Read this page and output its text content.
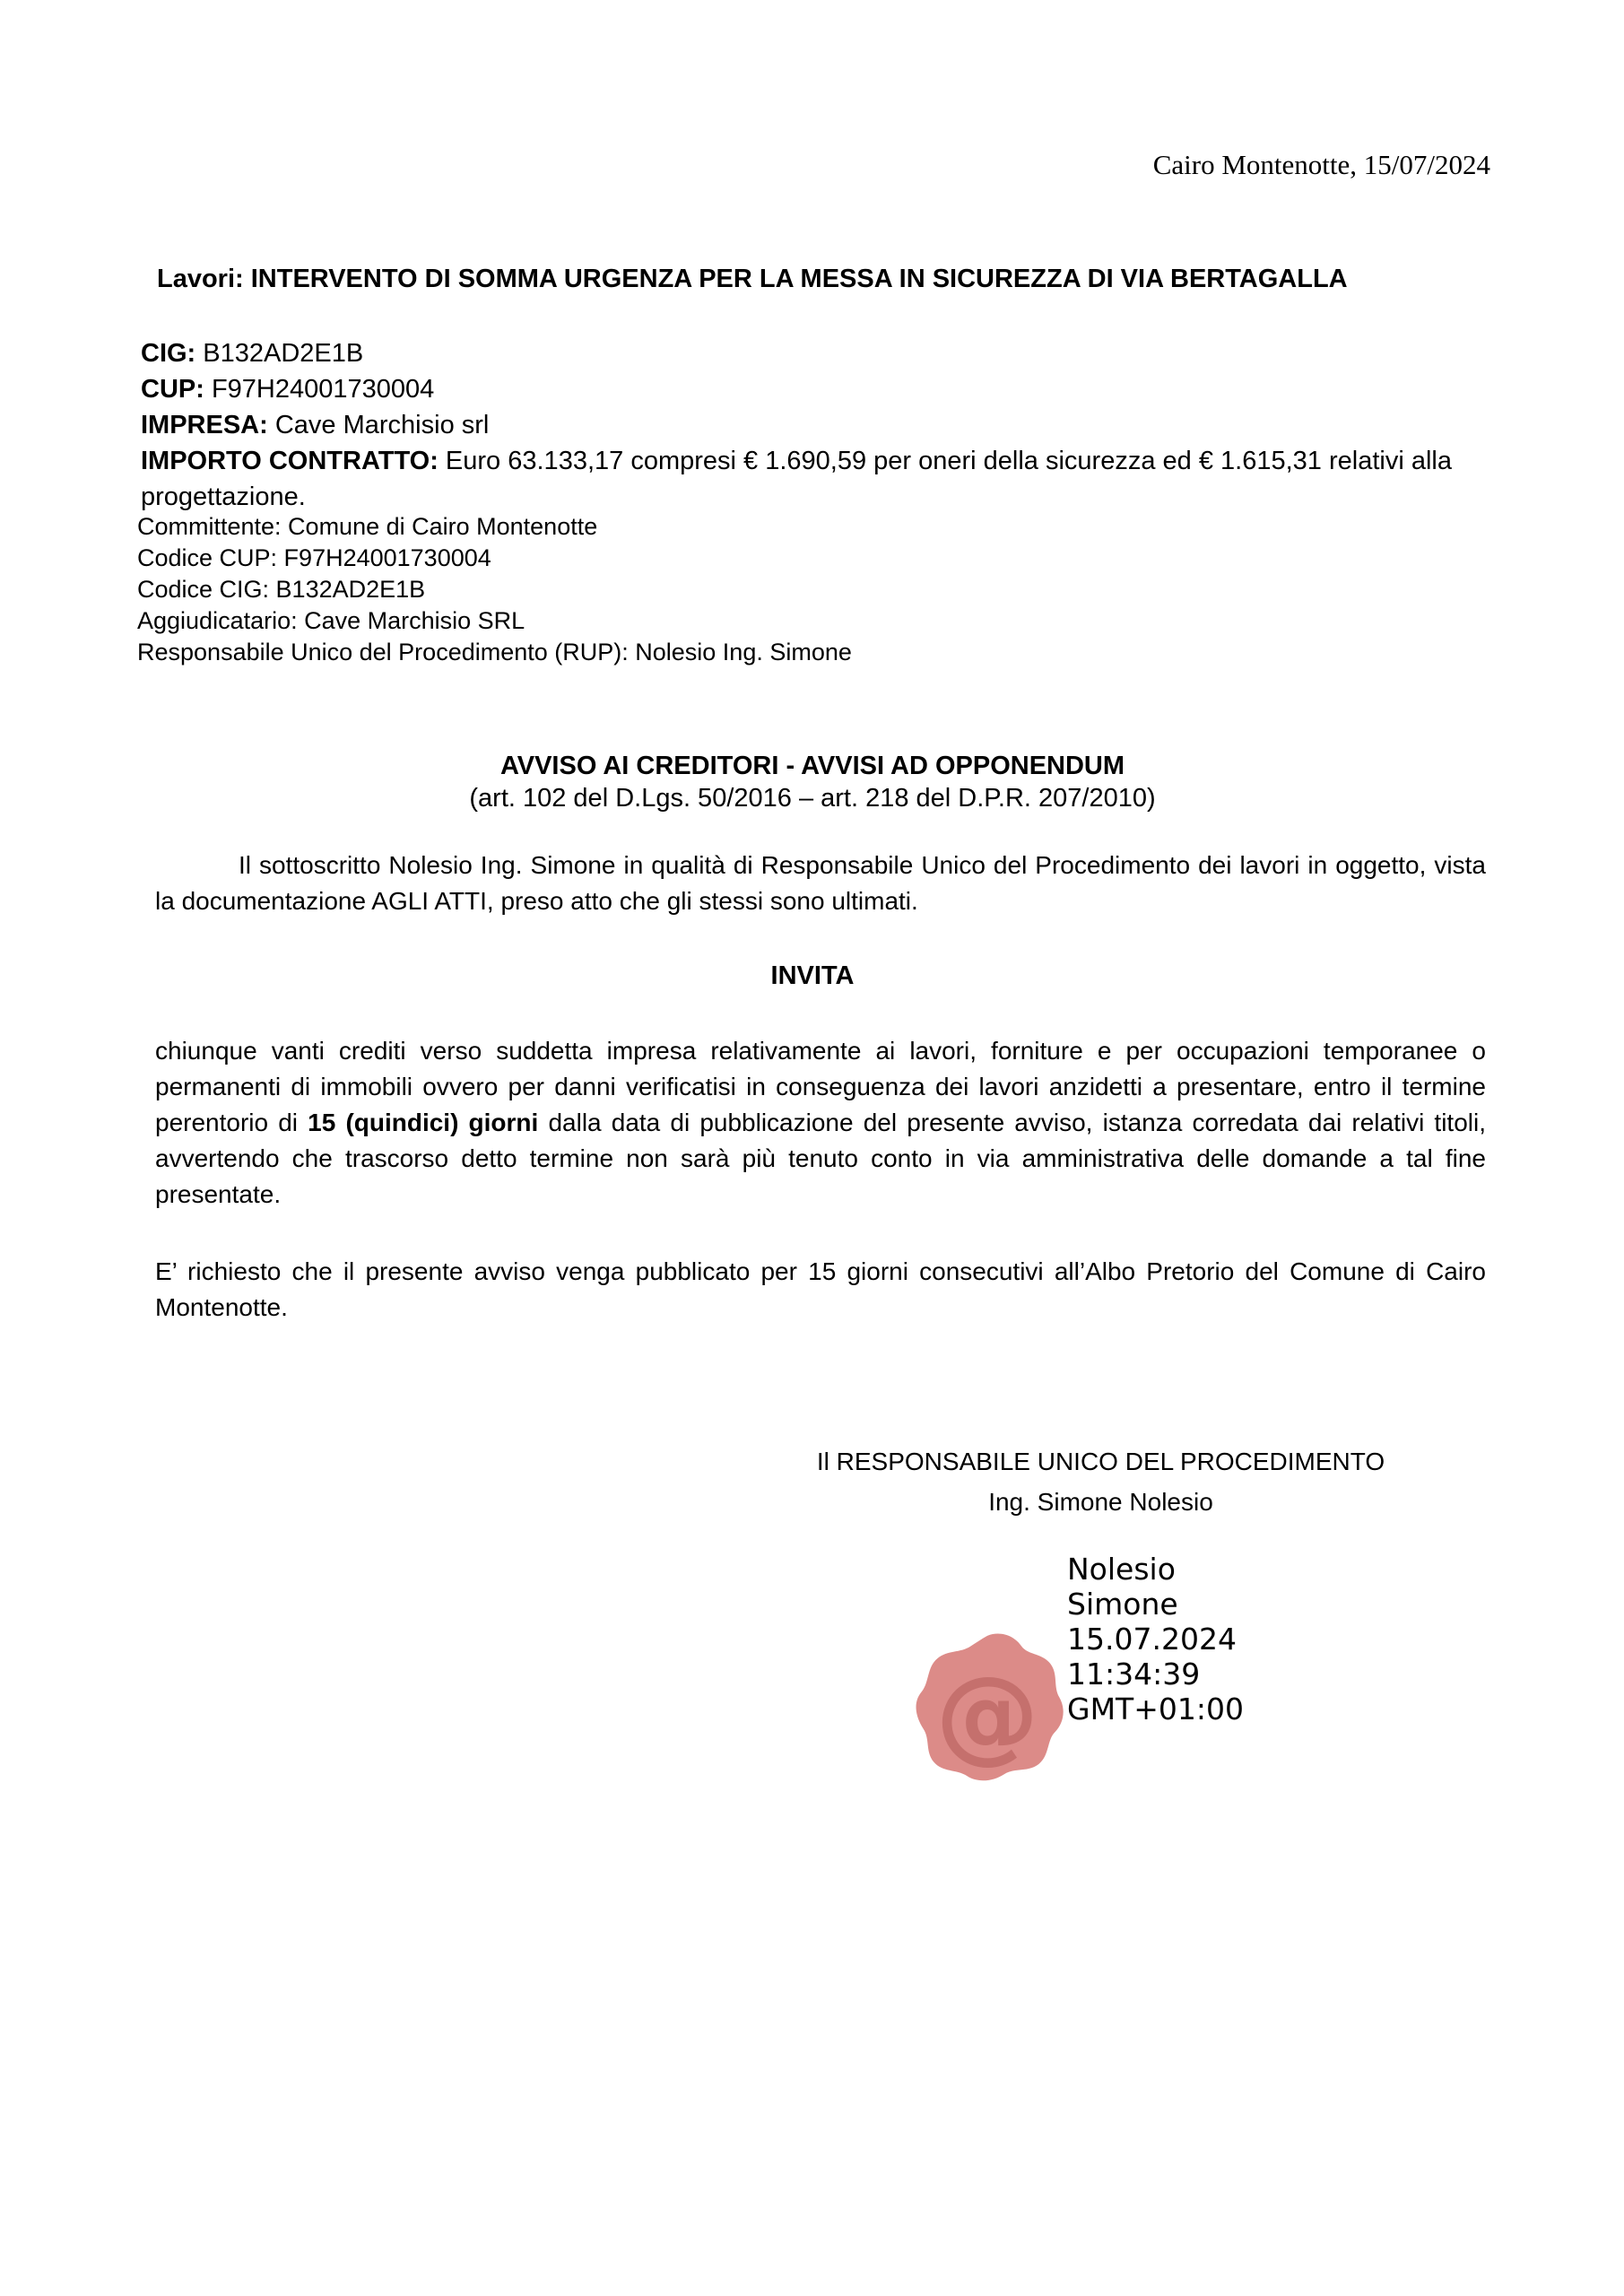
Cairo Montenotte, 15/07/2024
Lavori: INTERVENTO DI SOMMA URGENZA PER LA MESSA IN SICUREZZA DI VIA BERTAGALLA
CIG: B132AD2E1B
CUP: F97H24001730004
IMPRESA: Cave Marchisio srl
IMPORTO CONTRATTO: Euro 63.133,17 compresi € 1.690,59 per oneri della sicurezza ed € 1.615,31 relativi alla progettazione.
Committente: Comune di Cairo Montenotte
Codice CUP: F97H24001730004
Codice CIG: B132AD2E1B
Aggiudicatario: Cave Marchisio SRL
Responsabile Unico del Procedimento (RUP): Nolesio Ing. Simone
AVVISO AI CREDITORI - AVVISI AD OPPONENDUM
(art. 102 del D.Lgs. 50/2016 – art. 218 del D.P.R. 207/2010)
Il sottoscritto Nolesio Ing. Simone in qualità di Responsabile Unico del Procedimento dei lavori in oggetto, vista la documentazione AGLI ATTI, preso atto che gli stessi sono ultimati.
INVITA
chiunque vanti crediti verso suddetta impresa relativamente ai lavori, forniture e per occupazioni temporanee o permanenti di immobili ovvero per danni verificatisi in conseguenza dei lavori anzidetti a presentare, entro il termine perentorio di 15 (quindici) giorni dalla data di pubblicazione del presente avviso, istanza corredata dai relativi titoli, avvertendo che trascorso detto termine non sarà più tenuto conto in via amministrativa delle domande a tal fine presentate.
E’ richiesto che il presente avviso venga pubblicato per 15 giorni consecutivi all’Albo Pretorio del Comune di Cairo Montenotte.
Il RESPONSABILE UNICO DEL PROCEDIMENTO
Ing. Simone Nolesio
@
Nolesio
Simone
15.07.2024
11:34:39
GMT+01:00
